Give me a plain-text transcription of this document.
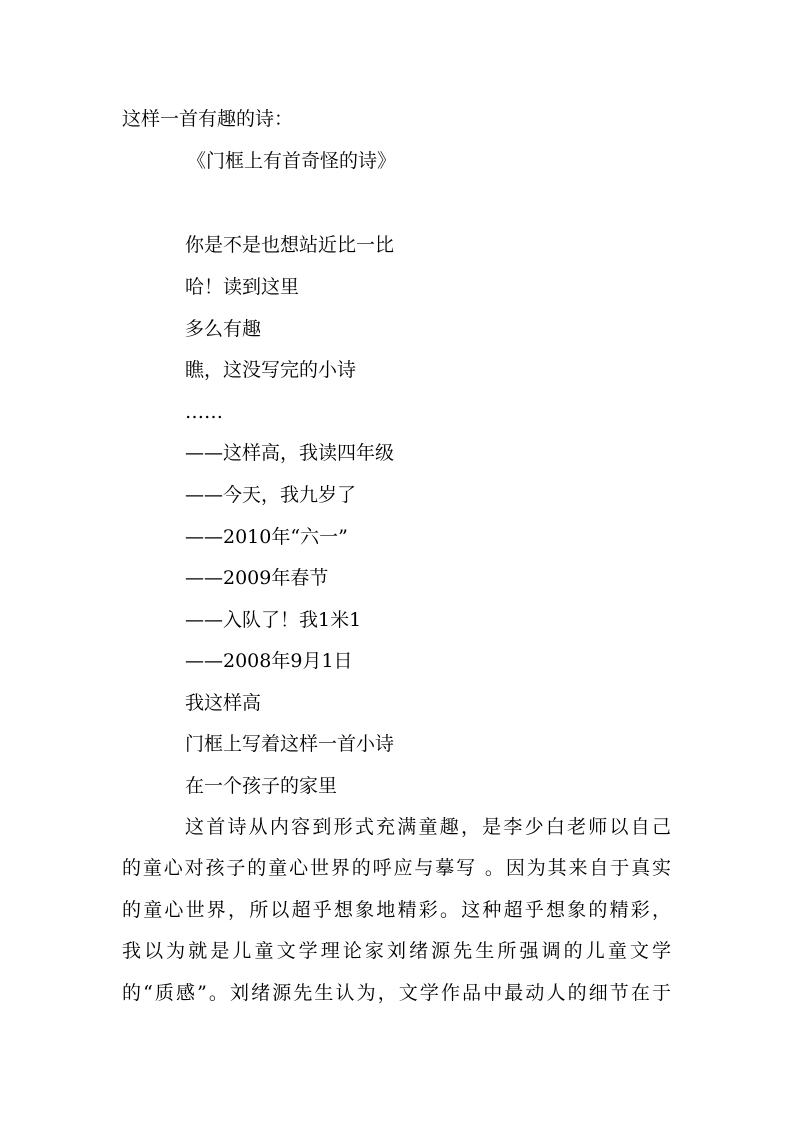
这样一首有趣的诗：
《门框上有首奇怪的诗》
你是不是也想站近比一比
哈！读到这里
多么有趣
瞧，这没写完的小诗
……
——这样高，我读四年级
——今天，我九岁了
——2010年“六一”
——2009年春节
——入队了！我1米1
——2008年9月1日
我这样高
门框上写着这样一首小诗
在一个孩子的家里
这首诗从内容到形式充满童趣，是李少白老师以自己
的童心对孩子的童心世界的呼应与摹写 。因为其来自于真实
的童心世界，所以超乎想象地精彩。这种超乎想象的精彩，
我以为就是儿童文学理论家刘绪源先生所强调的儿童文学
的“质感”。刘绪源先生认为，文学作品中最动人的细节在于
